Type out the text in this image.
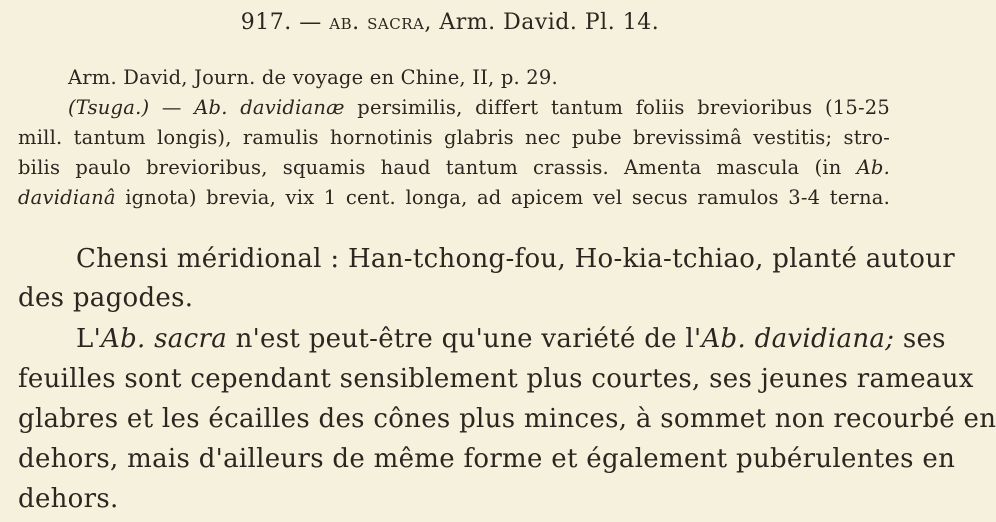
917. — ab. sacra, Arm. David. Pl. 14.
Arm. David, Journ. de voyage en Chine, II, p. 29.
(Tsuga.) — Ab. davidianæ persimilis, differt tantum foliis brevioribus (15-25
mill. tantum longis), ramulis hornotinis glabris nec pube brevissimâ vestitis; stro-
bilis paulo brevioribus, squamis haud tantum crassis. Amenta mascula (in Ab.
davidianâ ignota) brevia, vix 1 cent. longa, ad apicem vel secus ramulos 3-4 terna.
Chensi méridional : Han-tchong-fou, Ho-kia-tchiao, planté autour
des pagodes.
L'Ab. sacra n'est peut-être qu'une variété de l'Ab. davidiana; ses
feuilles sont cependant sensiblement plus courtes, ses jeunes rameaux
glabres et les écailles des cônes plus minces, à sommet non recourbé en
dehors, mais d'ailleurs de même forme et également pubérulentes en
dehors.
